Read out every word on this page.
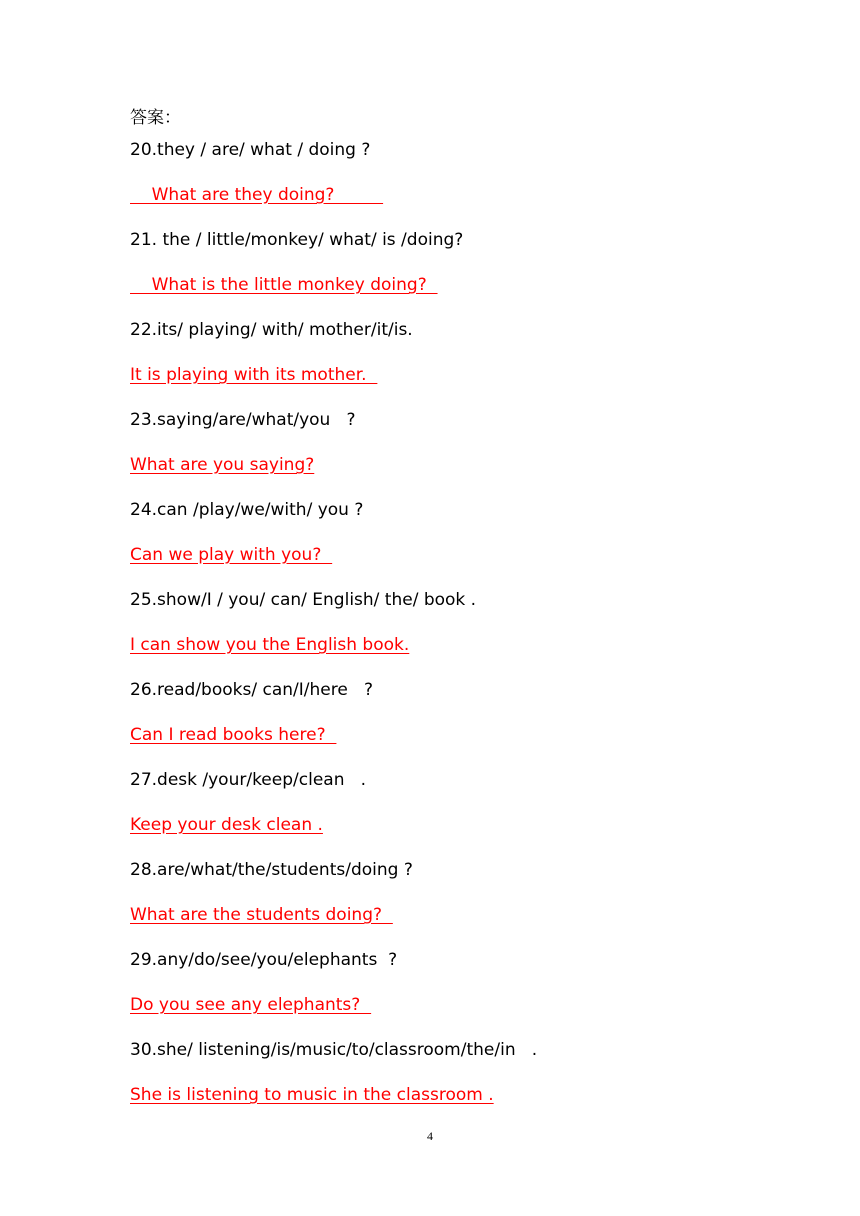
答案：
20.they / are/ what / doing ?
What are they doing?
21. the / little/monkey/ what/ is /doing?
What is the little monkey doing?
22.its/ playing/ with/ mother/it/is.
It is playing with its mother.
23.saying/are/what/you   ?
What are you saying?
24.can /play/we/with/ you ?
Can we play with you?
25.show/I / you/ can/ English/ the/ book .
I can show you the English book.
26.read/books/ can/I/here   ?
Can I read books here?
27.desk /your/keep/clean   .
Keep your desk clean .
28.are/what/the/students/doing ?
What are the students doing?
29.any/do/see/you/elephants  ?
Do you see any elephants?
30.she/ listening/is/music/to/classroom/the/in   .
She is listening to music in the classroom .
4
